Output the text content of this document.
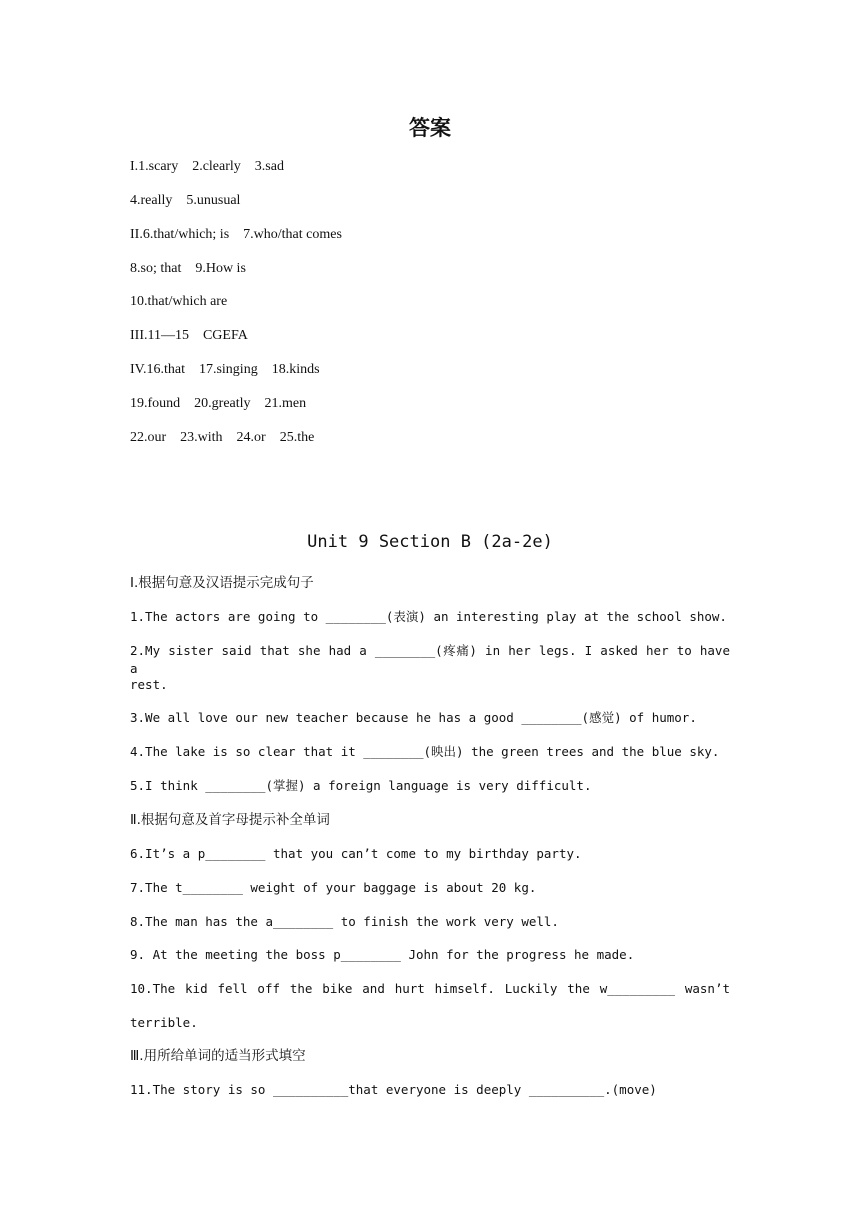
答案

I.1.scary    2.clearly    3.sad

4.really    5.unusual

II.6.that/which; is    7.who/that comes

8.so; that    9.How is

10.that/which are

III.11—15    CGEFA

IV.16.that    17.singing    18.kinds

19.found    20.greatly    21.men

22.our    23.with    24.or    25.the

Unit 9 Section B (2a-2e)

Ⅰ.根据句意及汉语提示完成句子

1.The actors are going to ________(表演) an interesting play at the school show.

2.My sister said that she had a ________(疼痛) in her legs. I asked her to have a

rest.

3.We all love our new teacher because he has a good ________(感觉) of humor.

4.The lake is so clear that it ________(映出) the green trees and the blue sky.

5.I think ________(掌握) a foreign language is very difficult.

Ⅱ.根据句意及首字母提示补全单词

6.It’s a p________ that you can’t come to my birthday party.

7.The t________ weight of your baggage is about 20 kg.

8.The man has the a________ to finish the work very well.

9. At the meeting the boss p________ John for the progress he made.

10.The kid fell off the bike and hurt himself. Luckily the w_________ wasn’t

terrible.

Ⅲ.用所给单词的适当形式填空

11.The story is so __________that everyone is deeply __________.(move)
